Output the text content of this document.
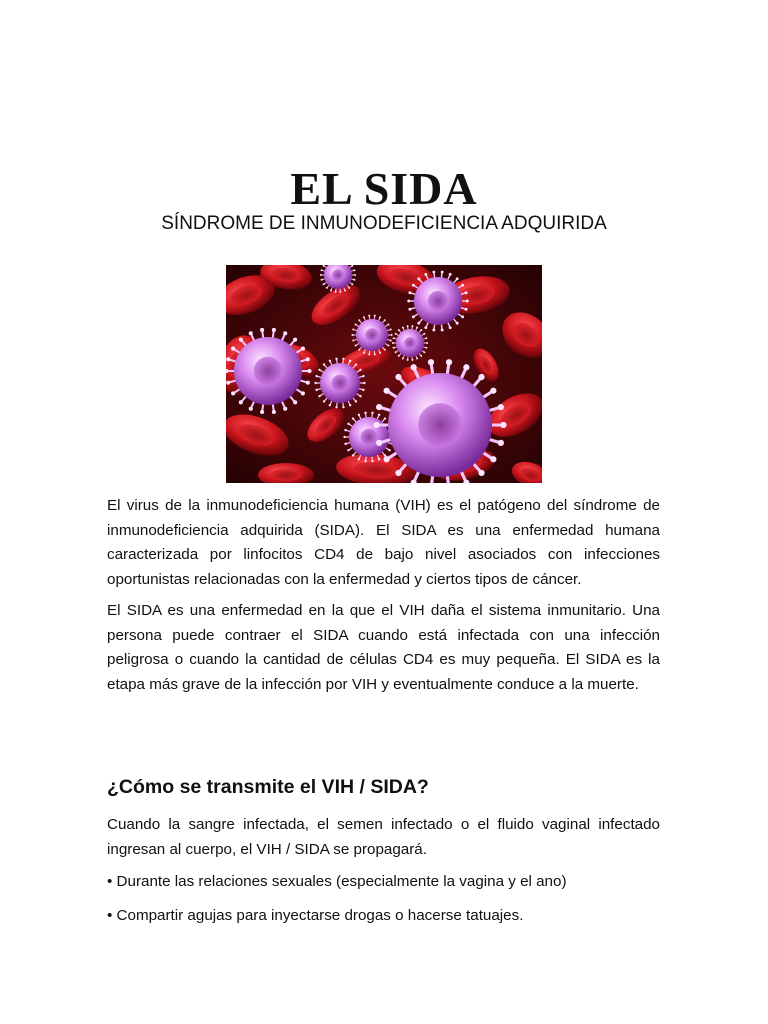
EL SIDA
SÍNDROME DE INMUNODEFICIENCIA ADQUIRIDA

El virus de la inmunodeficiencia humana (VIH) es el patógeno del síndrome de inmunodeficiencia adquirida (SIDA). El SIDA es una enfermedad humana caracterizada por linfocitos CD4 de bajo nivel asociados con infecciones oportunistas relacionadas con la enfermedad y ciertos tipos de cáncer.

El SIDA es una enfermedad en la que el VIH daña el sistema inmunitario. Una persona puede contraer el SIDA cuando está infectada con una infección peligrosa o cuando la cantidad de células CD4 es muy pequeña. El SIDA es la etapa más grave de la infección por VIH y eventualmente conduce a la muerte.

¿Cómo se transmite el VIH / SIDA?

Cuando la sangre infectada, el semen infectado o el fluido vaginal infectado ingresan al cuerpo, el VIH / SIDA se propagará.

• Durante las relaciones sexuales (especialmente la vagina y el ano)

• Compartir agujas para inyectarse drogas o hacerse tatuajes.
